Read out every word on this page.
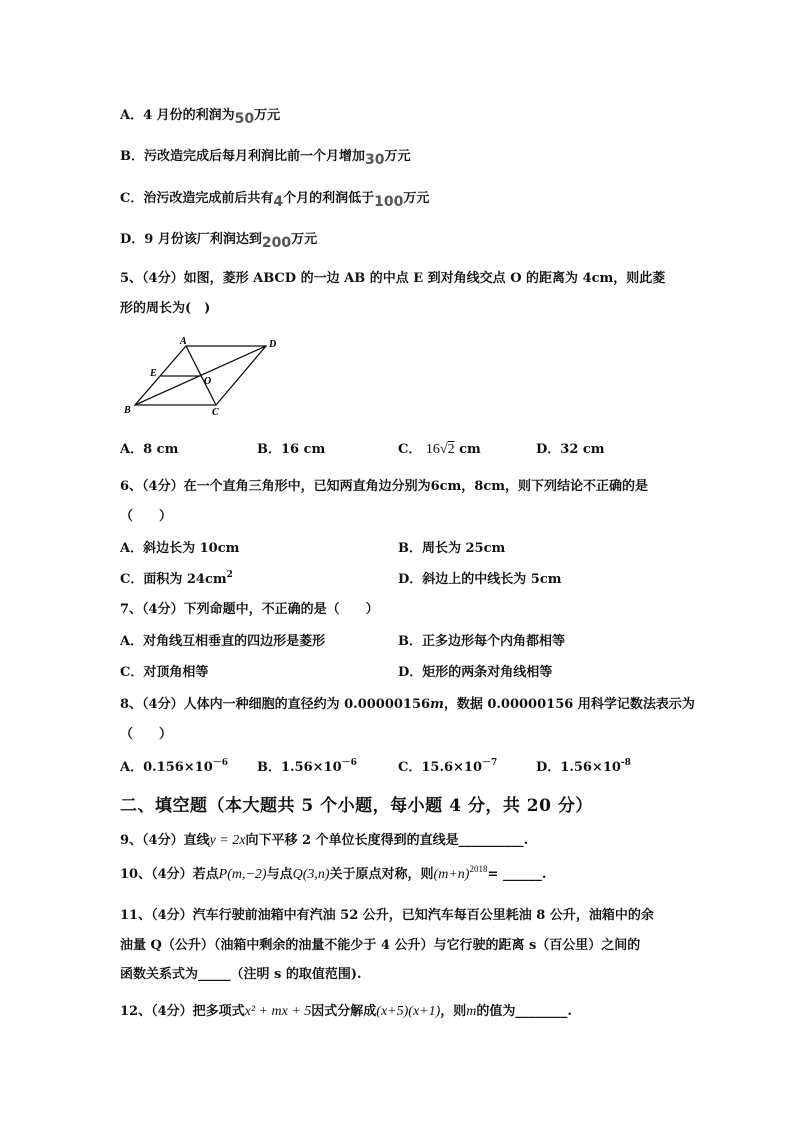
A．4 月份的利润为50万元
B．污改造完成后每月利润比前一个月增加30万元
C．治污改造完成前后共有4个月的利润低于100万元
D．9 月份该厂利润达到200万元
5、（4分）如图，菱形 ABCD 的一边 AB 的中点 E 到对角线交点 O 的距离为 4cm，则此菱
形的周长为(　)
A	D
E
O
B	C
A．8 cm	B．16 cm	C． 16√2 cm	D．32 cm
6、（4分）在一个直角三角形中，已知两直角边分别为6cm，8cm，则下列结论不正确的是
（　　）
A．斜边长为 10cm	B．周长为 25cm
C．面积为 $24cm^2$	D．斜边上的中线长为 5cm
7、（4分）下列命题中，不正确的是（　　）
A．对角线互相垂直的四边形是菱形	B．正多边形每个内角都相等
C．对顶角相等	D．矩形的两条对角线相等
8、（4分）人体内一种细胞的直径约为 0.00000156m，数据 0.00000156 用科学记数法表示为
（　　）
A．$0.156\times 10^{-6}$ B．$1.56\times 10^{-6}$	C．$15.6\times 10^{-7}$	D．$1.56\times 10^{-8}$
二、填空题（本大题共 5 个小题，每小题 4 分，共 20 分）
9、（4分）直线y = 2x向下平移 2 个单位长度得到的直线是__________.
10、（4分）若点P(m,−2)与点Q(3,n)关于原点对称，则$(m+n)^{2018}=$ ______.
11、（4分）汽车行驶前油箱中有汽油 52 公升，已知汽车每百公里耗油 8 公升，油箱中的余
油量 Q（公升）（油箱中剩余的油量不能少于 4 公升）与它行驶的距离 s（百公里）之间的
函数关系式为_____（注明 s 的取值范围).
12、（4分）把多项式x² + mx + 5因式分解成(x+5)(x+1)，则m的值为________.
